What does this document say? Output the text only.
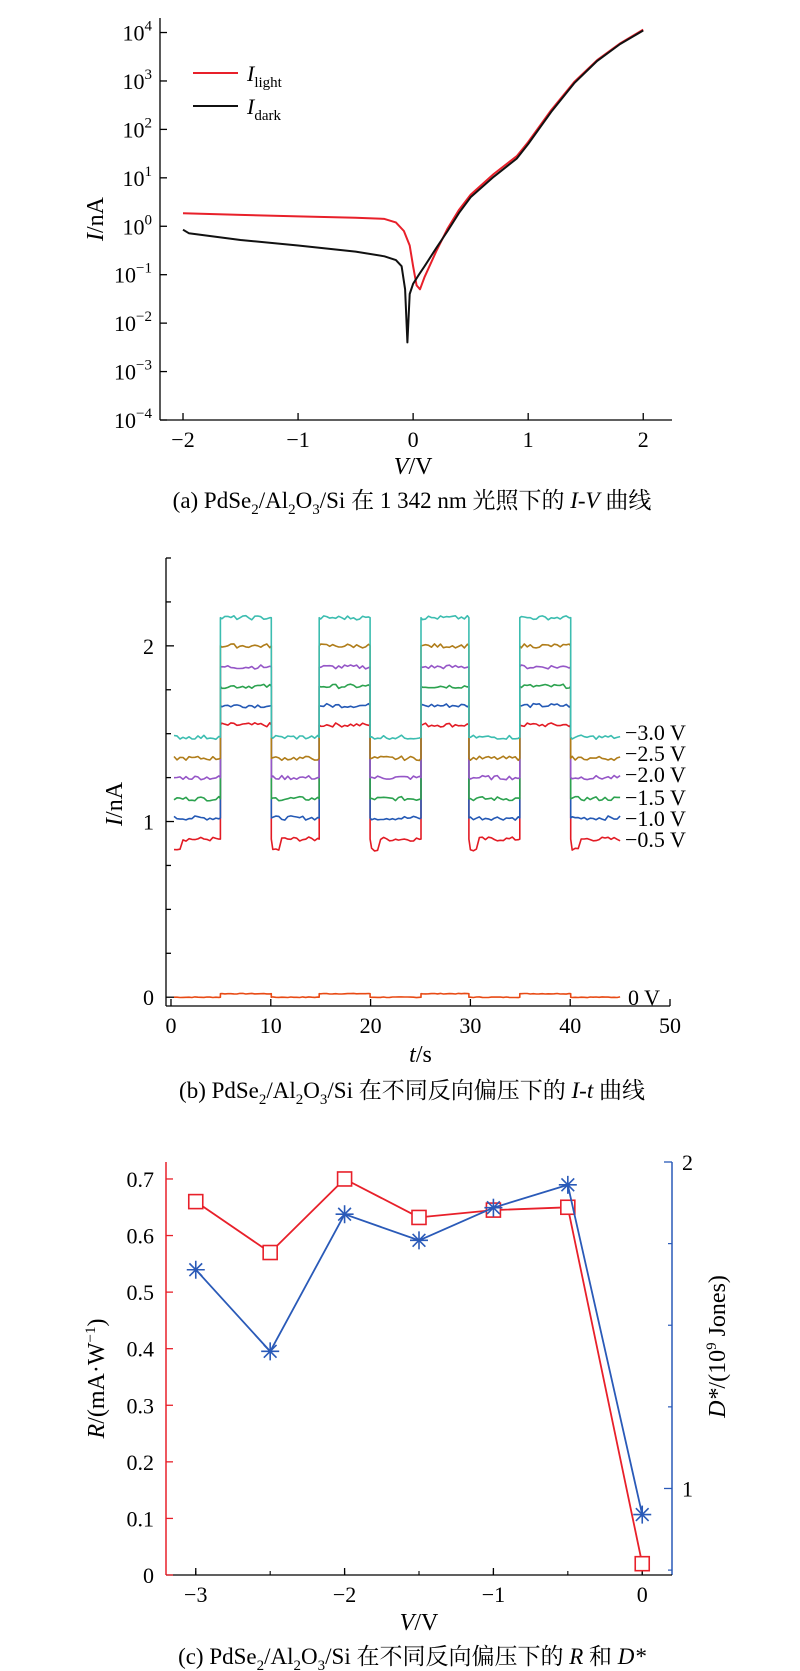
−2	−1	0	1	2
10−4
10−3
10−2
10−1
100
101
102
103
104
Ilight
Idark
I/nA
V/V
(a) PdSe2/Al2O3/Si 在 1 342 nm 光照下的 I-V 曲线
0	10	20	30	40	50
0
1
2
0 V
−0.5 V
−1.0 V
−1.5 V
−2.0 V
−2.5 V
−3.0 V
I/nA
t/s
(b) PdSe2/Al2O3/Si 在不同反向偏压下的 I-t 曲线
−3	−2	−1	0
0
0.1
0.2
0.3
0.4
0.5
0.6
0.7
1
2
R/(mA·W−1)
D*/(109 Jones)
V/V
(c) PdSe2/Al2O3/Si 在不同反向偏压下的 R 和 D*
